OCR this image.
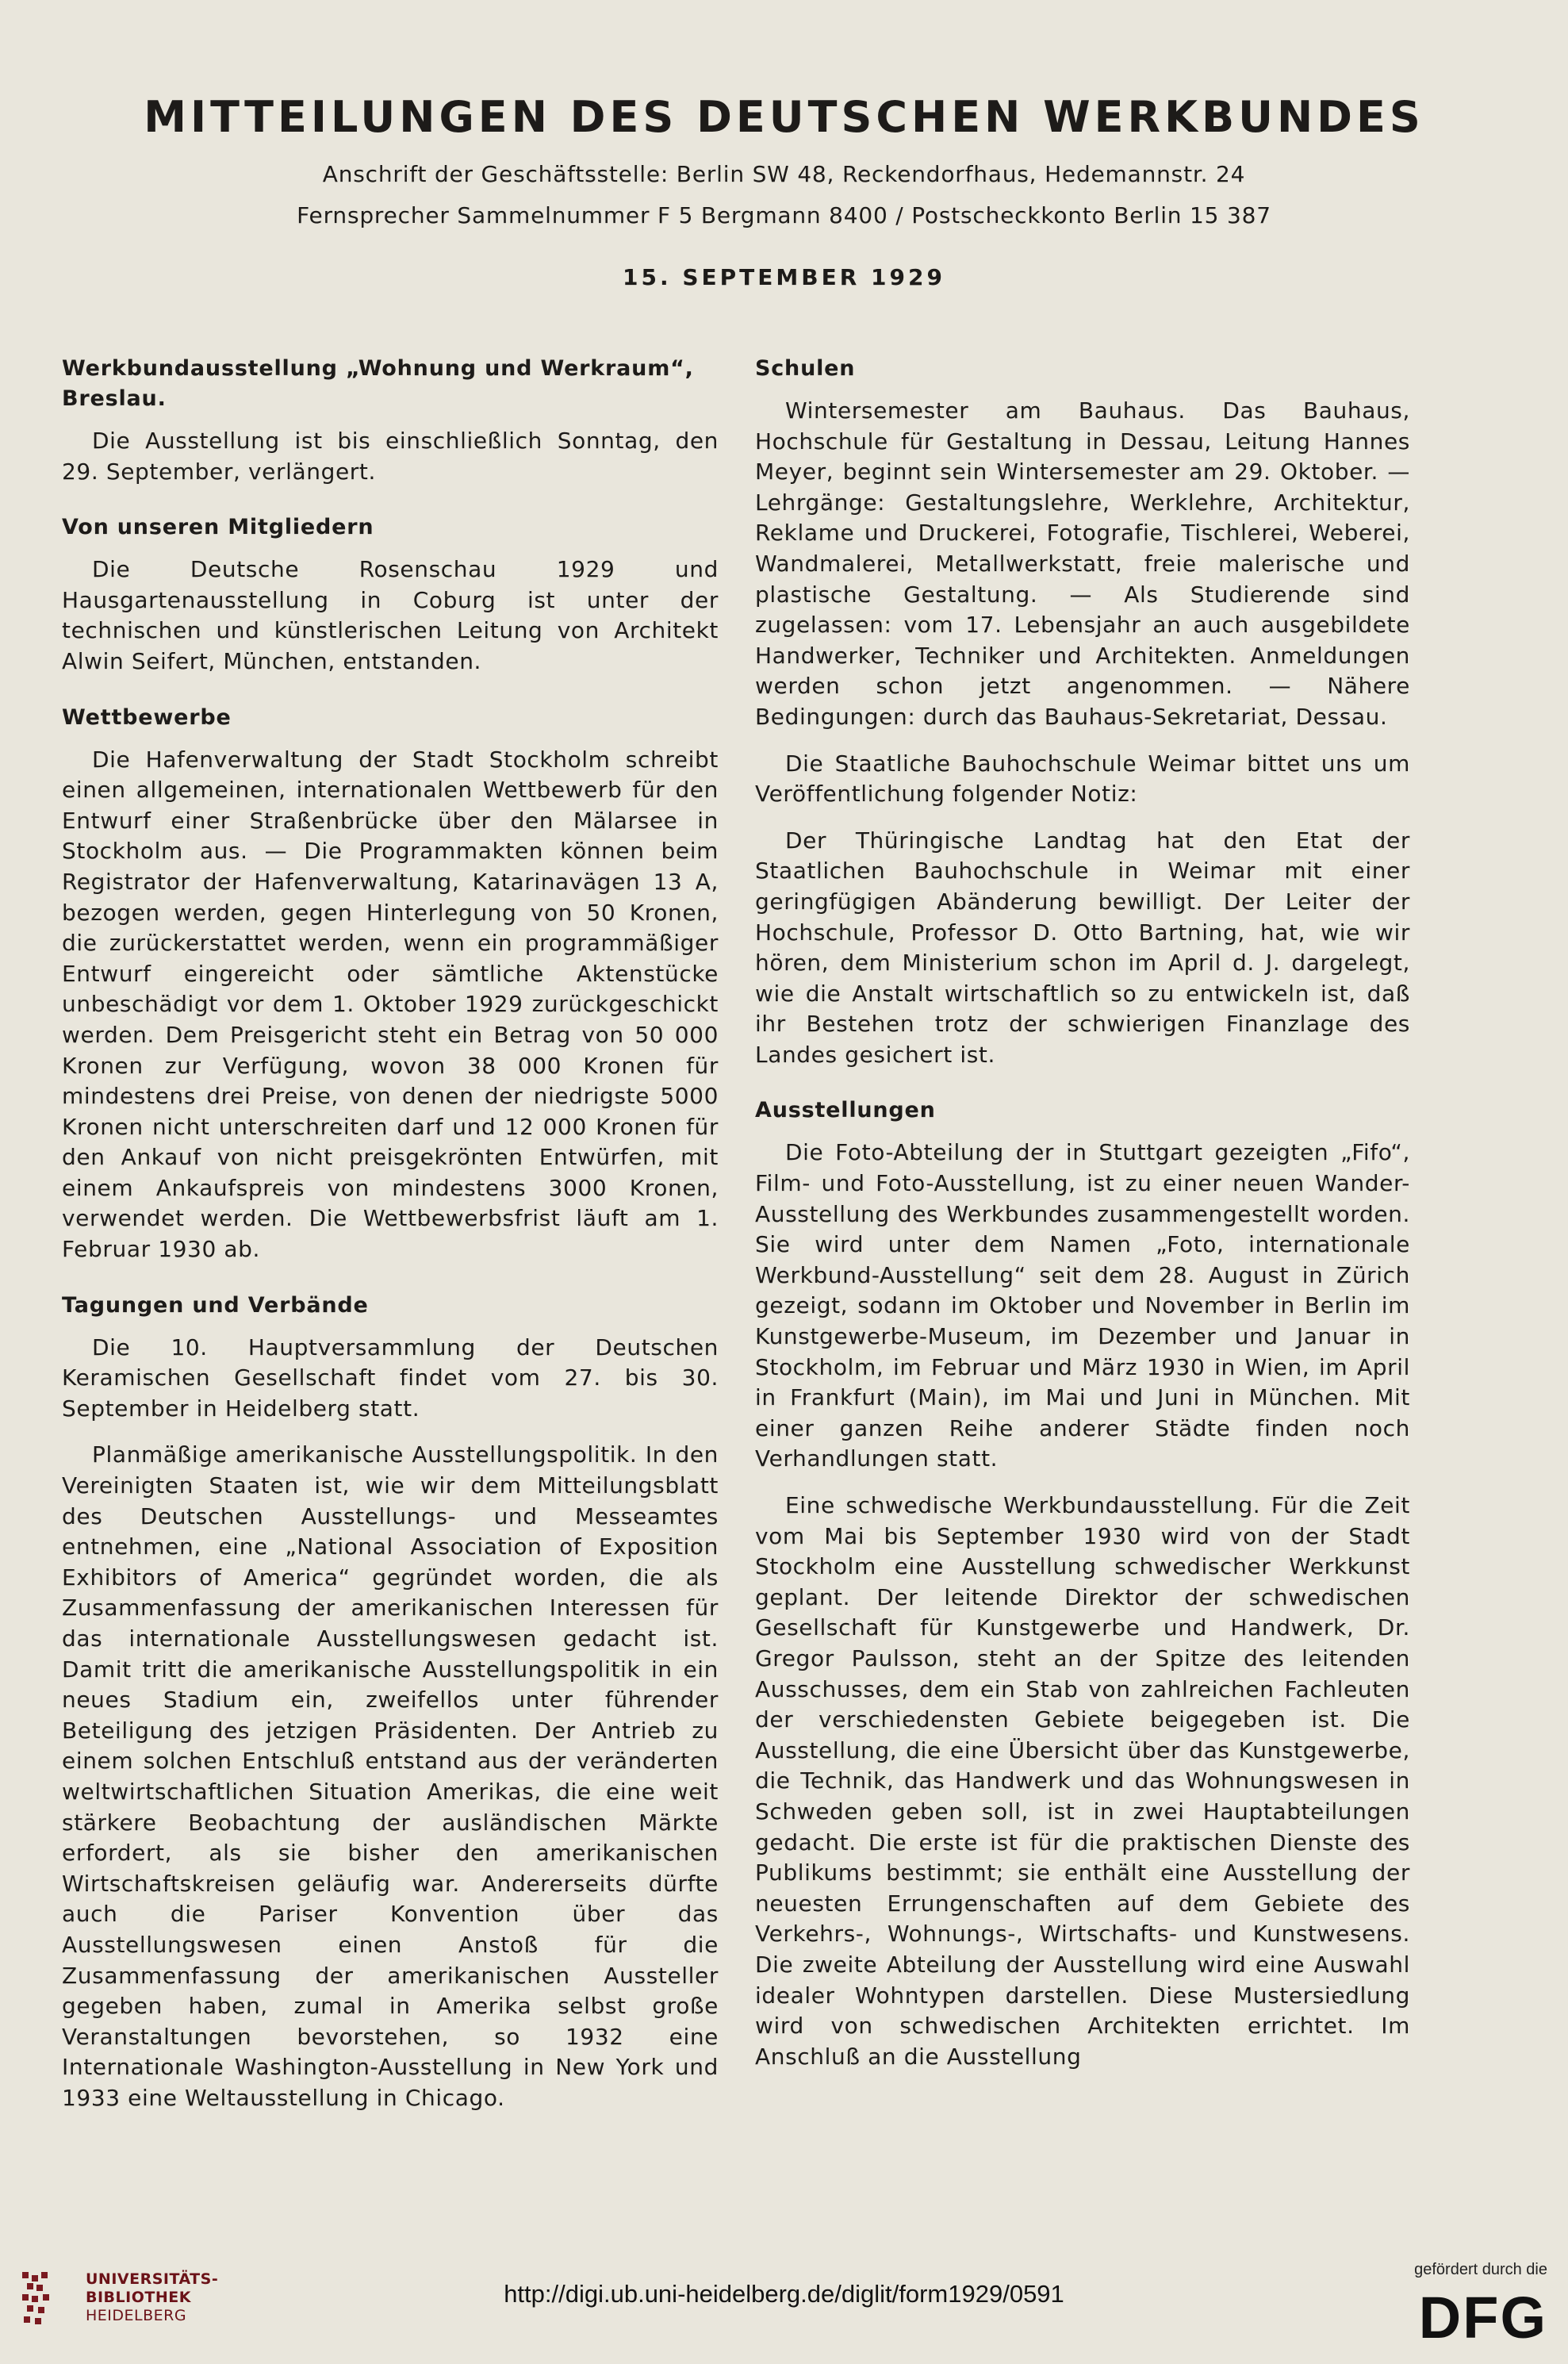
MITTEILUNGEN DES DEUTSCHEN WERKBUNDES
Anschrift der Geschäftsstelle: Berlin SW 48, Reckendorfhaus, Hedemannstr. 24
Fernsprecher Sammelnummer F 5 Bergmann 8400 / Postscheckkonto Berlin 15 387
15. SEPTEMBER 1929
Werkbundausstellung „Wohnung und Werkraum“, Breslau.

Die Ausstellung ist bis einschließlich Sonntag, den 29. September, verlängert.

Von unseren Mitgliedern

Die Deutsche Rosenschau 1929 und Hausgartenausstellung in Coburg ist unter der technischen und künstlerischen Leitung von Architekt Alwin Seifert, München, entstanden.

Wettbewerbe

Die Hafenverwaltung der Stadt Stockholm schreibt einen allgemeinen, internationalen Wettbewerb für den Entwurf einer Straßenbrücke über den Mälarsee in Stockholm aus. — Die Programmakten können beim Registrator der Hafenverwaltung, Katarinavägen 13 A, bezogen werden, gegen Hinterlegung von 50 Kronen, die zurückerstattet werden, wenn ein programmäßiger Entwurf eingereicht oder sämtliche Aktenstücke unbeschädigt vor dem 1. Oktober 1929 zurückgeschickt werden. Dem Preisgericht steht ein Betrag von 50 000 Kronen zur Verfügung, wovon 38 000 Kronen für mindestens drei Preise, von denen der niedrigste 5000 Kronen nicht unterschreiten darf und 12 000 Kronen für den Ankauf von nicht preisgekrönten Entwürfen, mit einem Ankaufspreis von mindestens 3000 Kronen, verwendet werden. Die Wettbewerbsfrist läuft am 1. Februar 1930 ab.

Tagungen und Verbände

Die 10. Hauptversammlung der Deutschen Keramischen Gesellschaft findet vom 27. bis 30. September in Heidelberg statt.

Planmäßige amerikanische Ausstellungspolitik. In den Vereinigten Staaten ist, wie wir dem Mitteilungsblatt des Deutschen Ausstellungs- und Messeamtes entnehmen, eine „National Association of Exposition Exhibitors of America“ gegründet worden, die als Zusammenfassung der amerikanischen Interessen für das internationale Ausstellungswesen gedacht ist. Damit tritt die amerikanische Ausstellungspolitik in ein neues Stadium ein, zweifellos unter führender Beteiligung des jetzigen Präsidenten. Der Antrieb zu einem solchen Entschluß entstand aus der veränderten weltwirtschaftlichen Situation Amerikas, die eine weit stärkere Beobachtung der ausländischen Märkte erfordert, als sie bisher den amerikanischen Wirtschaftskreisen geläufig war. Andererseits dürfte auch die Pariser Konvention über das Ausstellungswesen einen Anstoß für die Zusammenfassung der amerikanischen Aussteller gegeben haben, zumal in Amerika selbst große Veranstaltungen bevorstehen, so 1932 eine Internationale Washington-Ausstellung in New York und 1933 eine Weltausstellung in Chicago.

Schulen

Wintersemester am Bauhaus. Das Bauhaus, Hochschule für Gestaltung in Dessau, Leitung Hannes Meyer, beginnt sein Wintersemester am 29. Oktober. — Lehrgänge: Gestaltungslehre, Werklehre, Architektur, Reklame und Druckerei, Fotografie, Tischlerei, Weberei, Wandmalerei, Metallwerkstatt, freie malerische und plastische Gestaltung. — Als Studierende sind zugelassen: vom 17. Lebensjahr an auch ausgebildete Handwerker, Techniker und Architekten. Anmeldungen werden schon jetzt angenommen. — Nähere Bedingungen: durch das Bauhaus-Sekretariat, Dessau.

Die Staatliche Bauhochschule Weimar bittet uns um Veröffentlichung folgender Notiz:

Der Thüringische Landtag hat den Etat der Staatlichen Bauhochschule in Weimar mit einer geringfügigen Abänderung bewilligt. Der Leiter der Hochschule, Professor D. Otto Bartning, hat, wie wir hören, dem Ministerium schon im April d. J. dargelegt, wie die Anstalt wirtschaftlich so zu entwickeln ist, daß ihr Bestehen trotz der schwierigen Finanzlage des Landes gesichert ist.

Ausstellungen

Die Foto-Abteilung der in Stuttgart gezeigten „Fifo“, Film- und Foto-Ausstellung, ist zu einer neuen Wander-Ausstellung des Werkbundes zusammengestellt worden. Sie wird unter dem Namen „Foto, internationale Werkbund-Ausstellung“ seit dem 28. August in Zürich gezeigt, sodann im Oktober und November in Berlin im Kunstgewerbe-Museum, im Dezember und Januar in Stockholm, im Februar und März 1930 in Wien, im April in Frankfurt (Main), im Mai und Juni in München. Mit einer ganzen Reihe anderer Städte finden noch Verhandlungen statt.

Eine schwedische Werkbundausstellung. Für die Zeit vom Mai bis September 1930 wird von der Stadt Stockholm eine Ausstellung schwedischer Werkkunst geplant. Der leitende Direktor der schwedischen Gesellschaft für Kunstgewerbe und Handwerk, Dr. Gregor Paulsson, steht an der Spitze des leitenden Ausschusses, dem ein Stab von zahlreichen Fachleuten der verschiedensten Gebiete beigegeben ist. Die Ausstellung, die eine Übersicht über das Kunstgewerbe, die Technik, das Handwerk und das Wohnungswesen in Schweden geben soll, ist in zwei Hauptabteilungen gedacht. Die erste ist für die praktischen Dienste des Publikums bestimmt; sie enthält eine Ausstellung der neuesten Errungenschaften auf dem Gebiete des Verkehrs-, Wohnungs-, Wirtschafts- und Kunstwesens. Die zweite Abteilung der Ausstellung wird eine Auswahl idealer Wohntypen darstellen. Diese Mustersiedlung wird von schwedischen Architekten errichtet. Im Anschluß an die Ausstellung

UNIVERSITÄTS-
BIBLIOTHEK
HEIDELBERG
http://digi.ub.uni-heidelberg.de/diglit/form1929/0591
gefördert durch die
DFG
